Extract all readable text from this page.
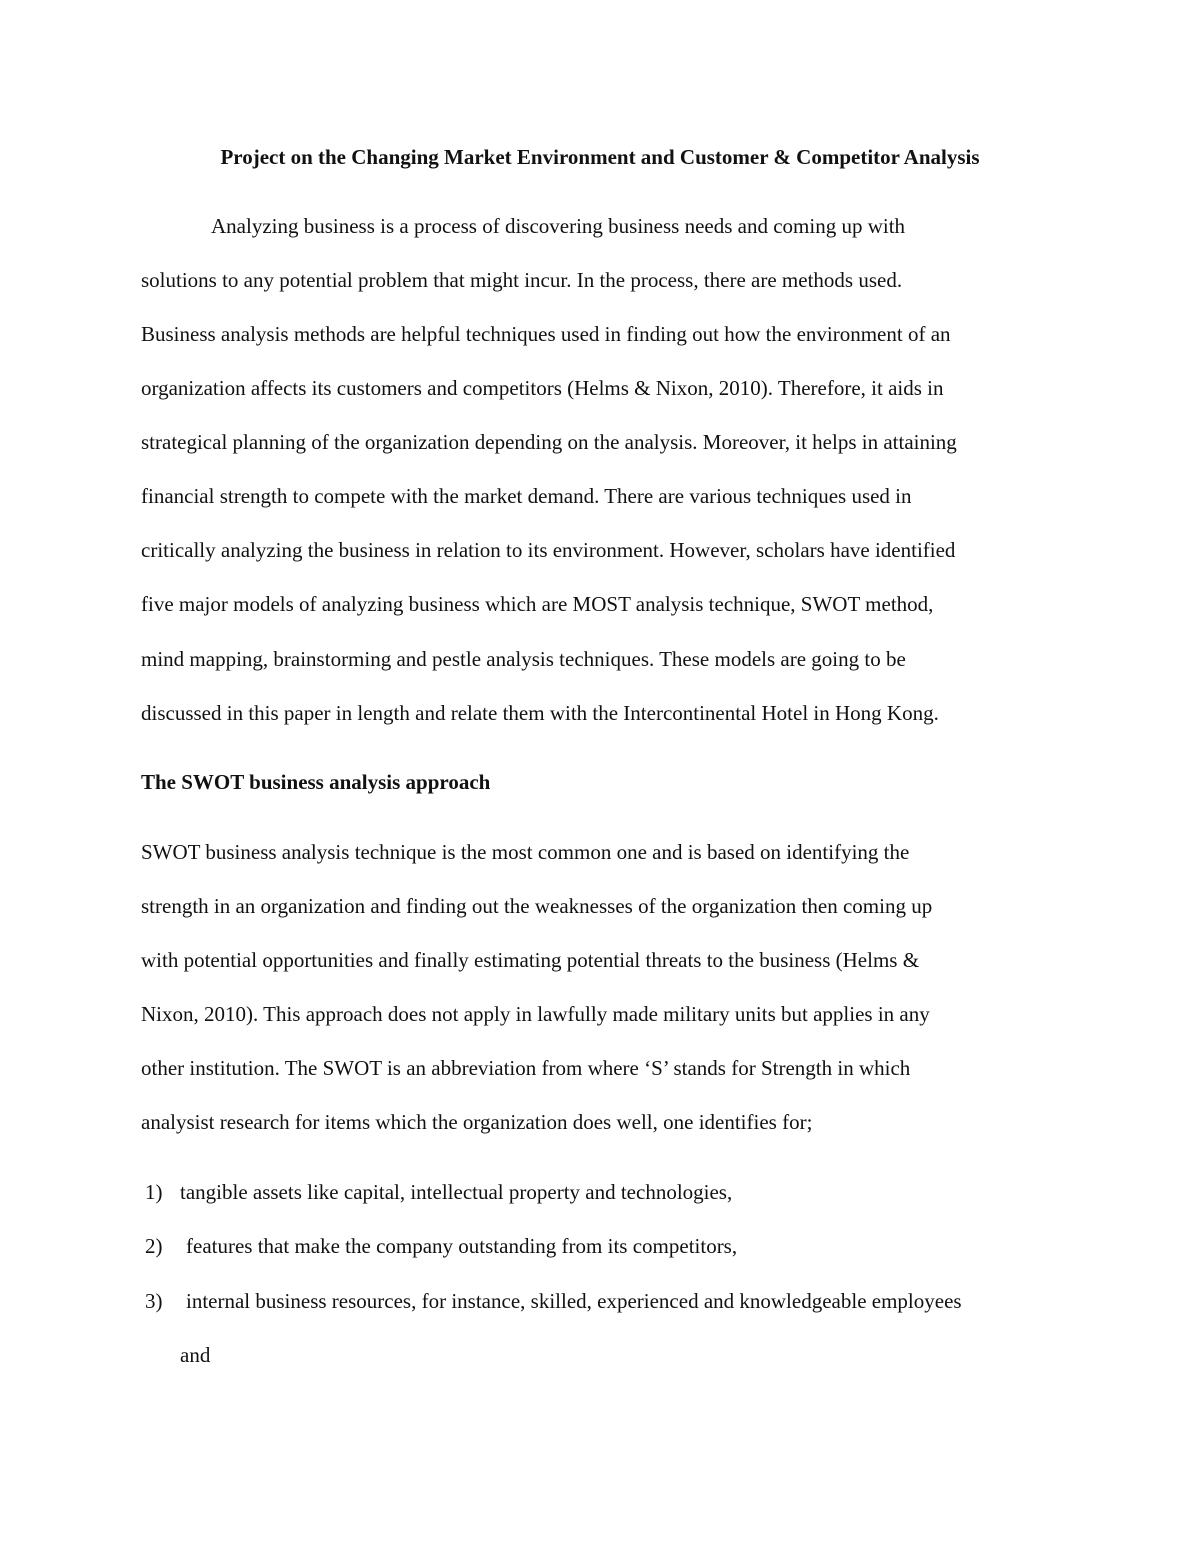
Project on the Changing Market Environment and Customer & Competitor Analysis

Analyzing business is a process of discovering business needs and coming up with

solutions to any potential problem that might incur. In the process, there are methods used.

Business analysis methods are helpful techniques used in finding out how the environment of an

organization affects its customers and competitors (Helms & Nixon, 2010). Therefore, it aids in

strategical planning of the organization depending on the analysis. Moreover, it helps in attaining

financial strength to compete with the market demand. There are various techniques used in

critically analyzing the business in relation to its environment. However, scholars have identified

five major models of analyzing business which are MOST analysis technique, SWOT method,

mind mapping, brainstorming and pestle analysis techniques. These models are going to be

discussed in this paper in length and relate them with the Intercontinental Hotel in Hong Kong.

The SWOT business analysis approach

SWOT business analysis technique is the most common one and is based on identifying the

strength in an organization and finding out the weaknesses of the organization then coming up

with potential opportunities and finally estimating potential threats to the business (Helms &

Nixon, 2010). This approach does not apply in lawfully made military units but applies in any

other institution. The SWOT is an abbreviation from where ‘S’ stands for Strength in which

analysist research for items which the organization does well, one identifies for;

1) tangible assets like capital, intellectual property and technologies,
2) features that make the company outstanding from its competitors,
3) internal business resources, for instance, skilled, experienced and knowledgeable employees
and
